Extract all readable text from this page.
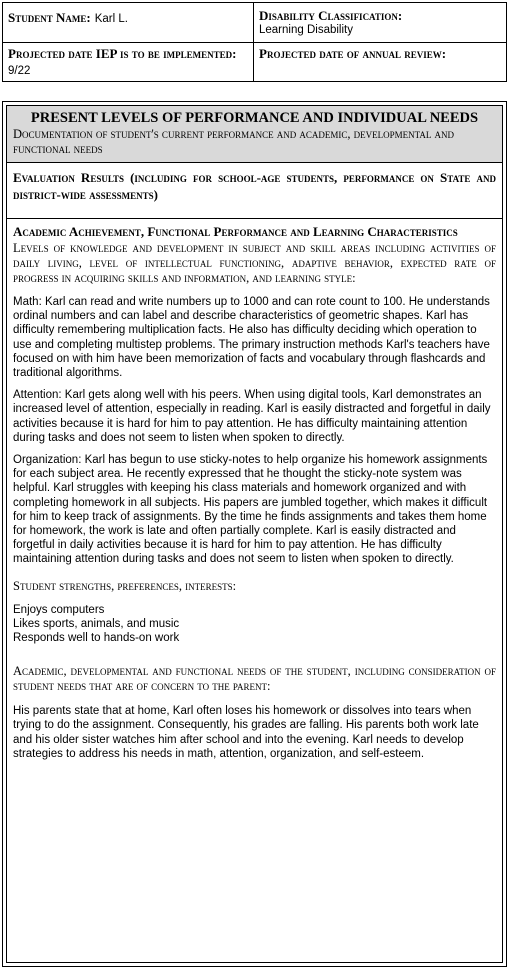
Student Name: Karl L.	Disability Classification:
Learning Disability
Projected date IEP is to be implemented: 9/22
Projected date of annual review:
PRESENT LEVELS OF PERFORMANCE AND INDIVIDUAL NEEDS
Documentation of student's current performance and academic, developmental and functional needs
Evaluation Results (including for school-age students, performance on State and district-wide assessments)
Academic Achievement, Functional Performance and Learning Characteristics
Levels of knowledge and development in subject and skill areas including activities of daily living, level of intellectual functioning, adaptive behavior, expected rate of progress in acquiring skills and information, and learning style:

Math: Karl can read and write numbers up to 1000 and can rote count to 100. He understands ordinal numbers and can label and describe characteristics of geometric shapes. Karl has difficulty remembering multiplication facts. He also has difficulty deciding which operation to use and completing multistep problems. The primary instruction methods Karl's teachers have focused on with him have been memorization of facts and vocabulary through flashcards and traditional algorithms.

Attention: Karl gets along well with his peers. When using digital tools, Karl demonstrates an increased level of attention, especially in reading. Karl is easily distracted and forgetful in daily activities because it is hard for him to pay attention. He has difficulty maintaining attention during tasks and does not seem to listen when spoken to directly.

Organization: Karl has begun to use sticky-notes to help organize his homework assignments for each subject area. He recently expressed that he thought the sticky-note system was helpful. Karl struggles with keeping his class materials and homework organized and with completing homework in all subjects. His papers are jumbled together, which makes it difficult for him to keep track of assignments. By the time he finds assignments and takes them home for homework, the work is late and often partially complete. Karl is easily distracted and forgetful in daily activities because it is hard for him to pay attention. He has difficulty maintaining attention during tasks and does not seem to listen when spoken to directly.

Student strengths, preferences, interests:
Enjoys computers
Likes sports, animals, and music
Responds well to hands-on work
Academic, developmental and functional needs of the student, including consideration of student needs that are of concern to the parent:

His parents state that at home, Karl often loses his homework or dissolves into tears when trying to do the assignment. Consequently, his grades are falling. His parents both work late and his older sister watches him after school and into the evening. Karl needs to develop strategies to address his needs in math, attention, organization, and self-esteem.
